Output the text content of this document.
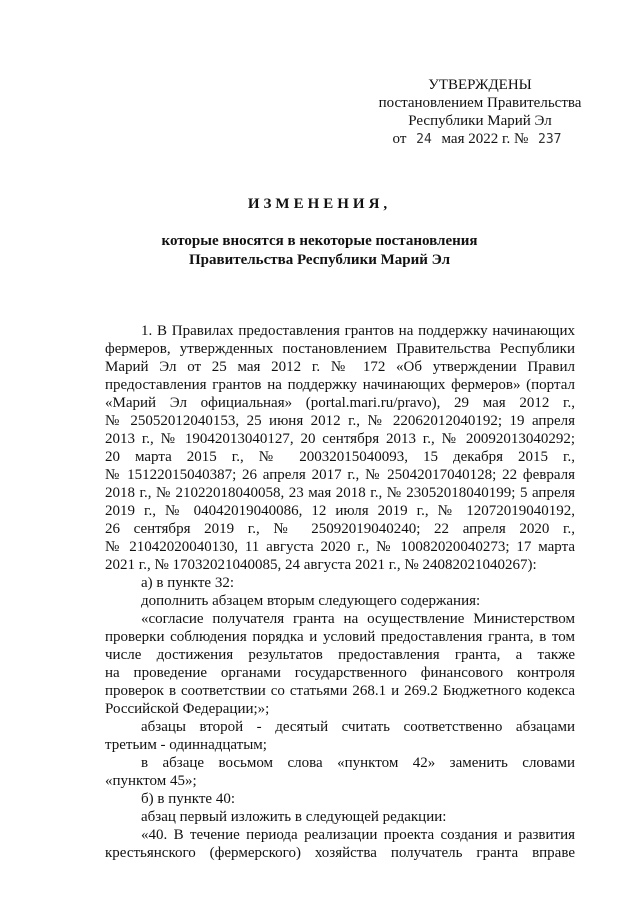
УТВЕРЖДЕНЫ
постановлением Правительства
Республики Марий Эл
от 24 мая 2022 г. № 237
ИЗМЕНЕНИЯ,
которые вносятся в некоторые постановления
Правительства Республики Марий Эл
1. В Правилах предоставления грантов на поддержку начинающих
фермеров, утвержденных постановлением Правительства Республики
Марий Эл от 25 мая 2012 г. № 172 «Об утверждении Правил
предоставления грантов на поддержку начинающих фермеров» (портал
«Марий Эл официальная» (portal.mari.ru/pravo), 29 мая 2012 г.,
№ 25052012040153, 25 июня 2012 г., № 22062012040192; 19 апреля
2013 г., № 19042013040127, 20 сентября 2013 г., № 20092013040292;
20 марта 2015 г., № 20032015040093, 15 декабря 2015 г.,
№ 15122015040387; 26 апреля 2017 г., № 25042017040128; 22 февраля
2018 г., № 21022018040058, 23 мая 2018 г., № 23052018040199; 5 апреля
2019 г., № 04042019040086, 12 июля 2019 г., № 12072019040192,
26 сентября 2019 г., № 25092019040240; 22 апреля 2020 г.,
№ 21042020040130, 11 августа 2020 г., № 10082020040273; 17 марта
2021 г., № 17032021040085, 24 августа 2021 г., № 24082021040267):
а) в пункте 32:
дополнить абзацем вторым следующего содержания:
«согласие получателя гранта на осуществление Министерством
проверки соблюдения порядка и условий предоставления гранта, в том
числе достижения результатов предоставления гранта, а также
на проведение органами государственного финансового контроля
проверок в соответствии со статьями 268.1 и 269.2 Бюджетного кодекса
Российской Федерации;»;
абзацы второй - десятый считать соответственно абзацами
третьим - одиннадцатым;
в абзаце восьмом слова «пунктом 42» заменить словами
«пунктом 45»;
б) в пункте 40:
абзац первый изложить в следующей редакции:
«40. В течение периода реализации проекта создания и развития
крестьянского (фермерского) хозяйства получатель гранта вправе
